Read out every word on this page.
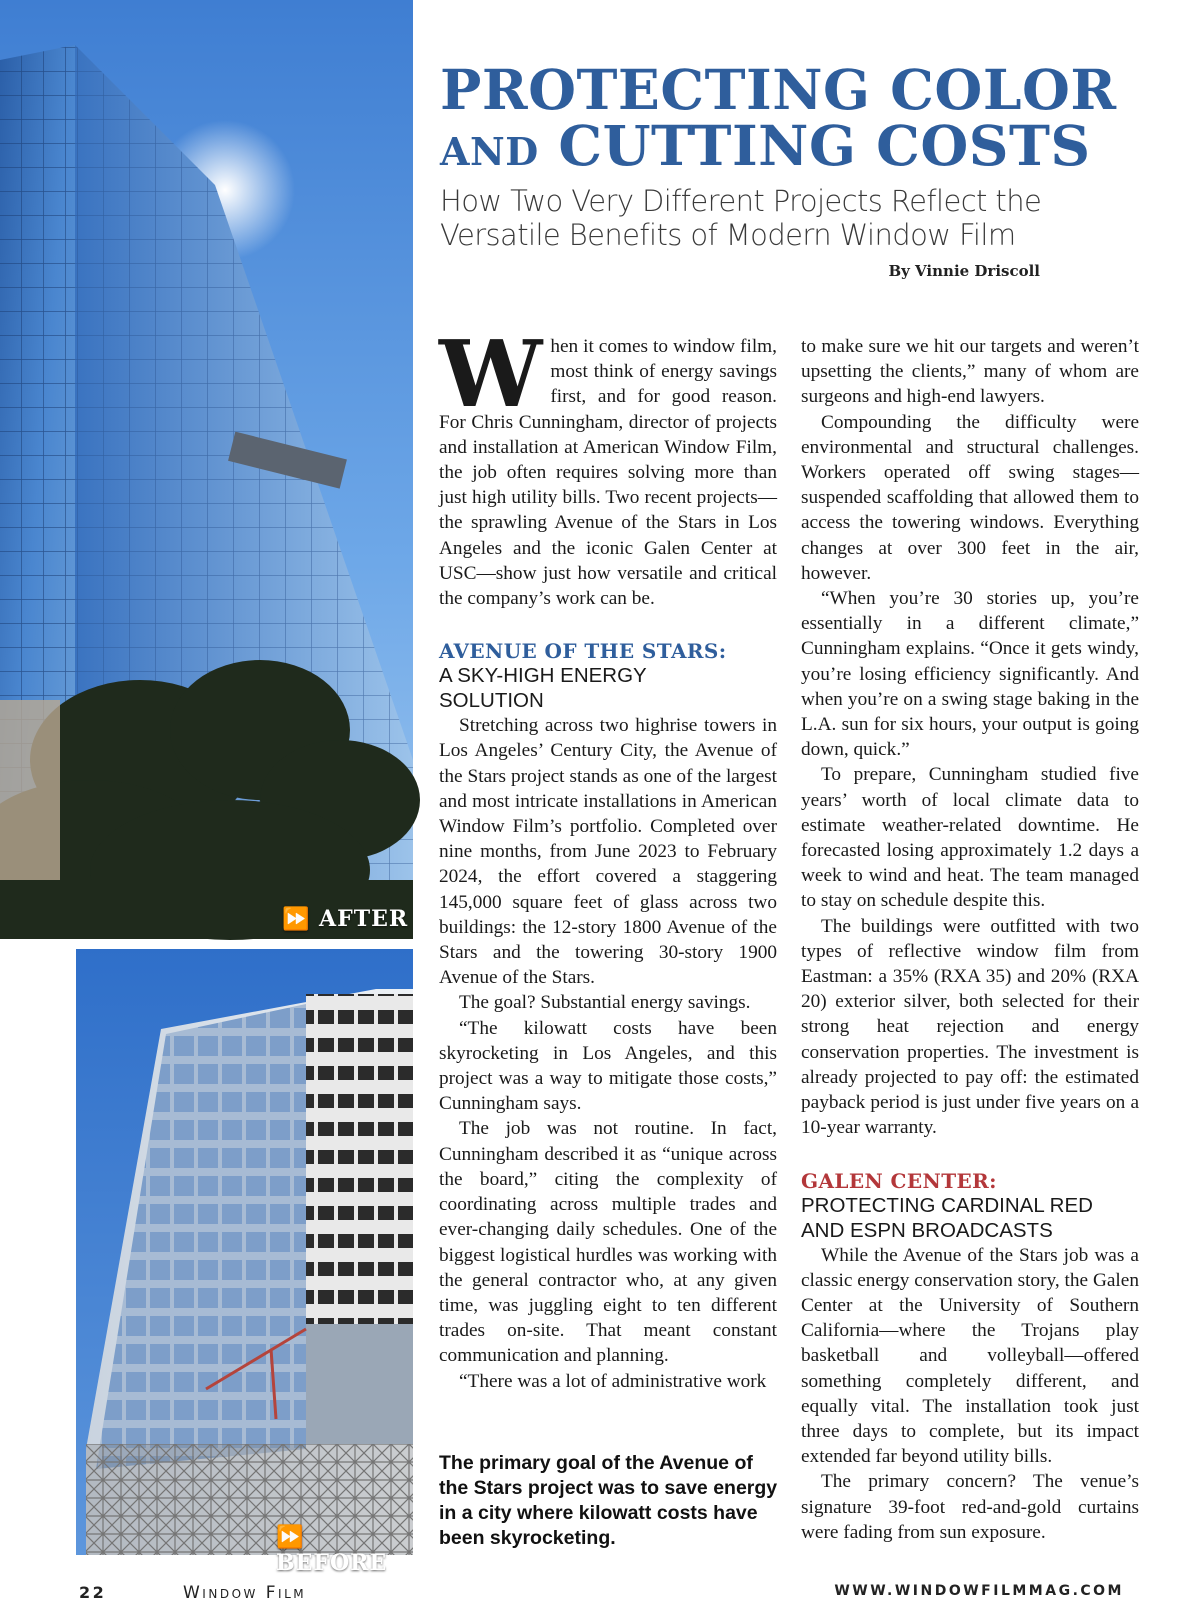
⏩ AFTER
⏩ BEFORE
PROTECTING COLOR
AND CUTTING COSTS
How Two Very Different Projects Reflect the
Versatile Benefits of Modern Window Film
By Vinnie Driscoll

When it comes to window film, most think of energy savings first, and for good reason. For Chris Cunningham, director of projects and installation at American Window Film, the job often requires solving more than just high utility bills. Two recent projects—the sprawling Avenue of the Stars in Los Angeles and the iconic Galen Center at USC—show just how versatile and critical the company’s work can be.

AVENUE OF THE STARS:
A SKY-HIGH ENERGY
SOLUTION

Stretching across two highrise towers in Los Angeles’ Century City, the Avenue of the Stars project stands as one of the largest and most intricate installations in American Window Film’s portfolio. Completed over nine months, from June 2023 to February 2024, the effort covered a staggering 145,000 square feet of glass across two buildings: the 12-story 1800 Avenue of the Stars and the towering 30-story 1900 Avenue of the Stars.

The goal? Substantial energy savings.

“The kilowatt costs have been skyrocketing in Los Angeles, and this project was a way to mitigate those costs,” Cunningham says.

The job was not routine. In fact, Cunningham described it as “unique across the board,” citing the complexity of coordinating across multiple trades and ever-changing daily schedules. One of the biggest logistical hurdles was working with the general contractor who, at any given time, was juggling eight to ten different trades on-site. That meant constant communication and planning.

“There was a lot of administrative work

The primary goal of the Avenue of the Stars project was to save energy in a city where kilowatt costs have been skyrocketing.

to make sure we hit our targets and weren’t upsetting the clients,” many of whom are surgeons and high-end lawyers.

Compounding the difficulty were environmental and structural challenges. Workers operated off swing stages—suspended scaffolding that allowed them to access the towering windows. Everything changes at over 300 feet in the air, however.

“When you’re 30 stories up, you’re essentially in a different climate,” Cunningham explains. “Once it gets windy, you’re losing efficiency significantly. And when you’re on a swing stage baking in the L.A. sun for six hours, your output is going down, quick.”

To prepare, Cunningham studied five years’ worth of local climate data to estimate weather-related downtime. He forecasted losing approximately 1.2 days a week to wind and heat. The team managed to stay on schedule despite this.

The buildings were outfitted with two types of reflective window film from Eastman: a 35% (RXA 35) and 20% (RXA 20) exterior silver, both selected for their strong heat rejection and energy conservation properties. The investment is already projected to pay off: the estimated payback period is just under five years on a 10-year warranty.

GALEN CENTER:
PROTECTING CARDINAL RED
AND ESPN BROADCASTS

While the Avenue of the Stars job was a classic energy conservation story, the Galen Center at the University of Southern California—where the Trojans play basketball and volleyball—offered something completely different, and equally vital. The installation took just three days to complete, but its impact extended far beyond utility bills.

The primary concern? The venue’s signature 39-foot red-and-gold curtains were fading from sun exposure.

22	Window Film	WWW.WINDOWFILMMAG.COM
